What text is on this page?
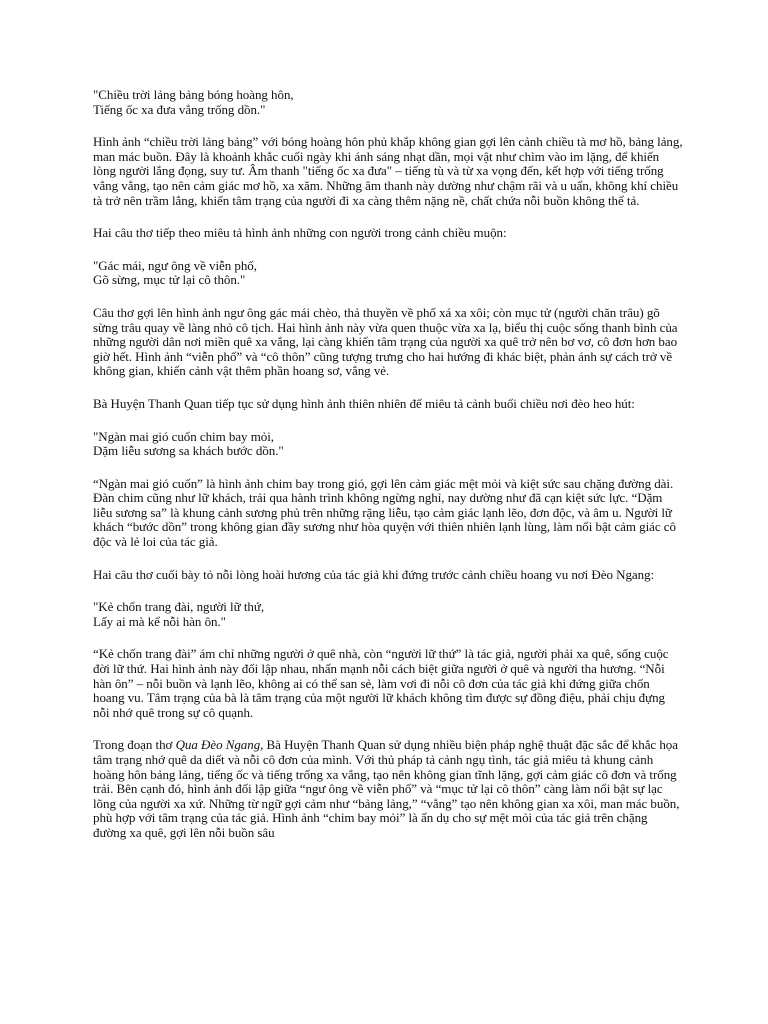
"Chiều trời lảng bảng bóng hoàng hôn,
Tiếng ốc xa đưa vẳng trống dồn."

Hình ảnh “chiều trời lảng bảng” với bóng hoàng hôn phủ khắp không gian gợi lên cảnh chiều tà mơ hồ, bảng lảng, man mác buồn. Đây là khoảnh khắc cuối ngày khi ánh sáng nhạt dần, mọi vật như chìm vào im lặng, để khiến lòng người lắng đọng, suy tư. Âm thanh "tiếng ốc xa đưa" – tiếng tù và từ xa vọng đến, kết hợp với tiếng trống vẳng vẳng, tạo nên cảm giác mơ hồ, xa xăm. Những âm thanh này dường như chậm rãi và u uẩn, không khí chiều tà trở nên trầm lắng, khiến tâm trạng của người đi xa càng thêm nặng nề, chất chứa nỗi buồn không thể tả.

Hai câu thơ tiếp theo miêu tả hình ảnh những con người trong cảnh chiều muộn:

"Gác mái, ngư ông về viễn phố,
Gõ sừng, mục tử lại cô thôn."

Câu thơ gợi lên hình ảnh ngư ông gác mái chèo, thả thuyền về phố xá xa xôi; còn mục tử (người chăn trâu) gõ sừng trâu quay về làng nhỏ cô tịch. Hai hình ảnh này vừa quen thuộc vừa xa lạ, biểu thị cuộc sống thanh bình của những người dân nơi miền quê xa vắng, lại càng khiến tâm trạng của người xa quê trở nên bơ vơ, cô đơn hơn bao giờ hết. Hình ảnh “viễn phố” và “cô thôn” cũng tượng trưng cho hai hướng đi khác biệt, phản ánh sự cách trở về không gian, khiến cảnh vật thêm phần hoang sơ, vắng vẻ.

Bà Huyện Thanh Quan tiếp tục sử dụng hình ảnh thiên nhiên để miêu tả cảnh buổi chiều nơi đèo heo hút:

"Ngàn mai gió cuốn chim bay mỏi,
Dặm liễu sương sa khách bước dồn."

“Ngàn mai gió cuốn” là hình ảnh chim bay trong gió, gợi lên cảm giác mệt mỏi và kiệt sức sau chặng đường dài. Đàn chim cũng như lữ khách, trải qua hành trình không ngừng nghỉ, nay dường như đã cạn kiệt sức lực. “Dặm liễu sương sa” là khung cảnh sương phủ trên những rặng liễu, tạo cảm giác lạnh lẽo, đơn độc, và âm u. Người lữ khách “bước dồn” trong không gian đầy sương như hòa quyện với thiên nhiên lạnh lùng, làm nổi bật cảm giác cô độc và lẻ loi của tác giả.

Hai câu thơ cuối bày tỏ nỗi lòng hoài hương của tác giả khi đứng trước cảnh chiều hoang vu nơi Đèo Ngang:

"Kẻ chốn trang đài, người lữ thứ,
Lấy ai mà kể nỗi hàn ôn."

“Kẻ chốn trang đài” ám chỉ những người ở quê nhà, còn “người lữ thứ” là tác giả, người phải xa quê, sống cuộc đời lữ thứ. Hai hình ảnh này đối lập nhau, nhấn mạnh nỗi cách biệt giữa người ở quê và người tha hương. “Nỗi hàn ôn” – nỗi buồn và lạnh lẽo, không ai có thể san sẻ, làm vơi đi nỗi cô đơn của tác giả khi đứng giữa chốn hoang vu. Tâm trạng của bà là tâm trạng của một người lữ khách không tìm được sự đồng điệu, phải chịu đựng nỗi nhớ quê trong sự cô quạnh.

Trong đoạn thơ Qua Đèo Ngang, Bà Huyện Thanh Quan sử dụng nhiều biện pháp nghệ thuật đặc sắc để khắc họa tâm trạng nhớ quê da diết và nỗi cô đơn của mình. Với thủ pháp tả cảnh ngụ tình, tác giả miêu tả khung cảnh hoàng hôn bảng lảng, tiếng ốc và tiếng trống xa vắng, tạo nên không gian tĩnh lặng, gợi cảm giác cô đơn và trống trải. Bên cạnh đó, hình ảnh đối lập giữa “ngư ông về viễn phố” và “mục tử lại cô thôn” càng làm nổi bật sự lạc lõng của người xa xứ. Những từ ngữ gợi cảm như “bảng lảng,” “vẳng” tạo nên không gian xa xôi, man mác buồn, phù hợp với tâm trạng của tác giả. Hình ảnh “chim bay mỏi” là ẩn dụ cho sự mệt mỏi của tác giả trên chặng đường xa quê, gợi lên nỗi buồn sâu
